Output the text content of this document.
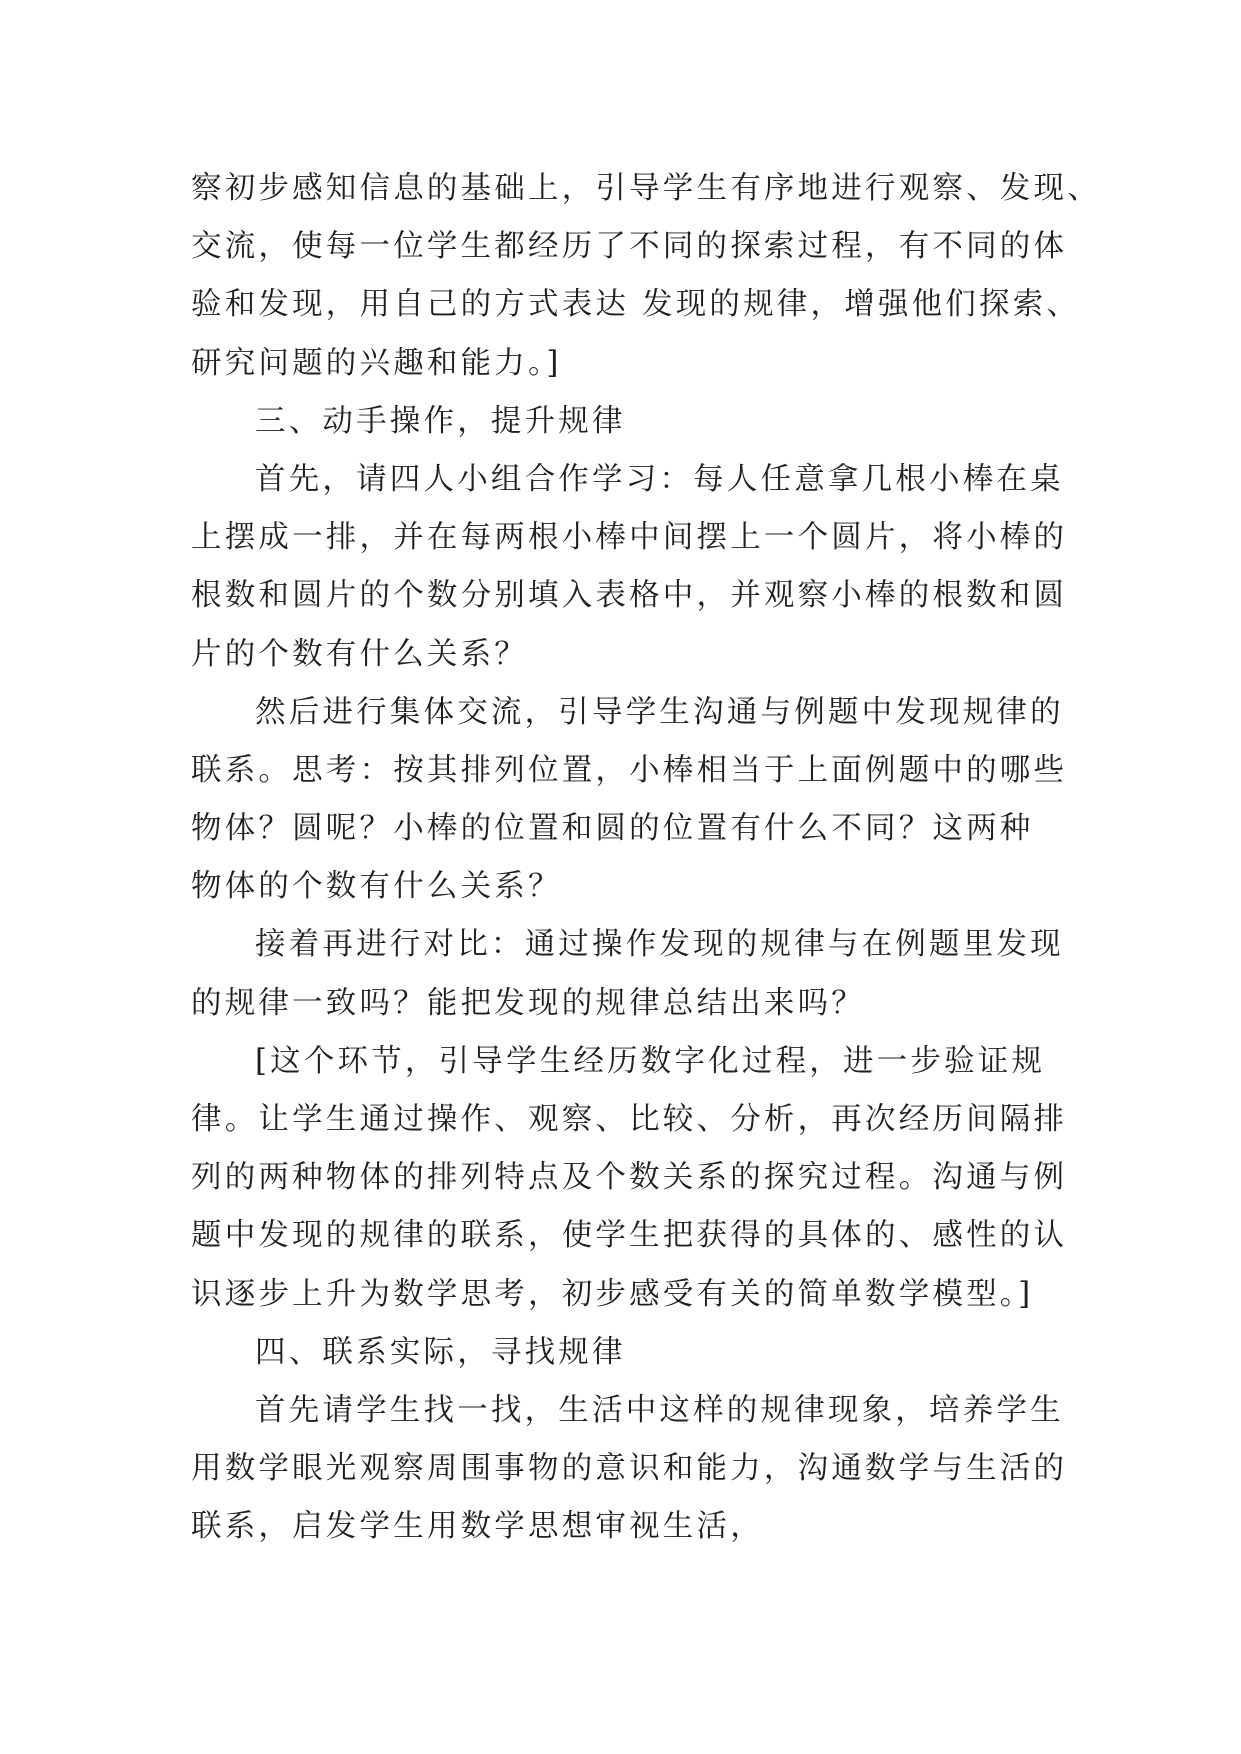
察初步感知信息的基础上，引导学生有序地进行观察、发现、
交流，使每一位学生都经历了不同的探索过程，有不同的体
验和发现，用自己的方式表达 发现的规律，增强他们探索、
研究问题的兴趣和能力。]
三、动手操作，提升规律
首先，请四人小组合作学习：每人任意拿几根小棒在桌
上摆成一排，并在每两根小棒中间摆上一个圆片，将小棒的
根数和圆片的个数分别填入表格中，并观察小棒的根数和圆
片的个数有什么关系？
然后进行集体交流，引导学生沟通与例题中发现规律的
联系。思考：按其排列位置，小棒相当于上面例题中的哪些
物体？圆呢？小棒的位置和圆的位置有什么不同？这两种
物体的个数有什么关系？
接着再进行对比：通过操作发现的规律与在例题里发现
的规律一致吗？能把发现的规律总结出来吗？
[这个环节，引导学生经历数字化过程，进一步验证规
律。让学生通过操作、观察、比较、分析，再次经历间隔排
列的两种物体的排列特点及个数关系的探究过程。沟通与例
题中发现的规律的联系，使学生把获得的具体的、感性的认
识逐步上升为数学思考，初步感受有关的简单数学模型。]
四、联系实际，寻找规律
首先请学生找一找，生活中这样的规律现象，培养学生
用数学眼光观察周围事物的意识和能力，沟通数学与生活的
联系，启发学生用数学思想审视生活，
